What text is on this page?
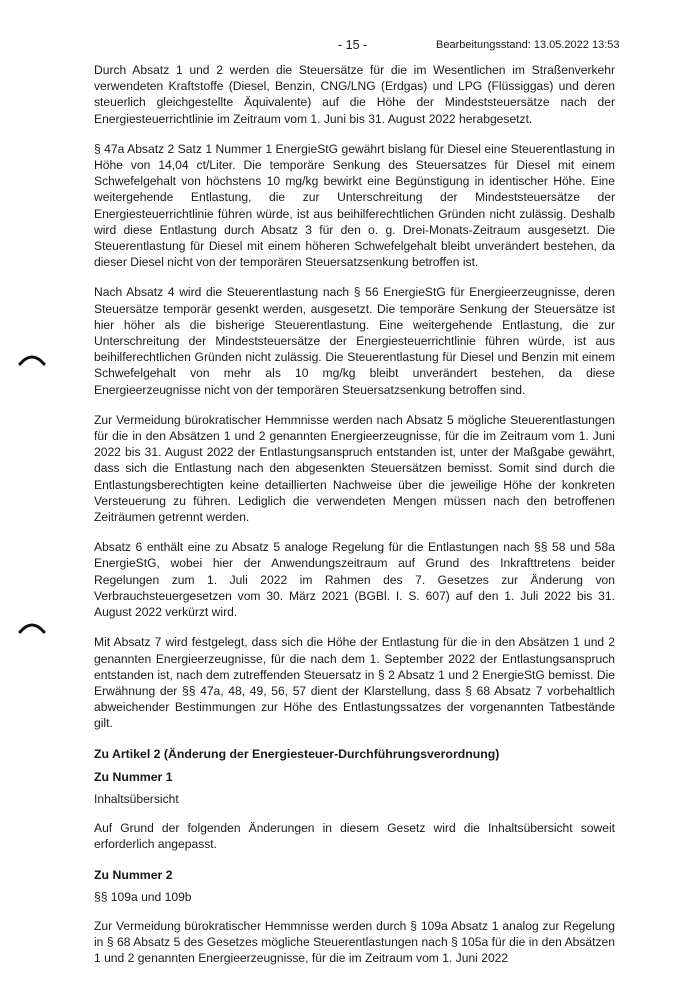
- 15 -	Bearbeitungsstand: 13.05.2022 13:53

Durch Absatz 1 und 2 werden die Steuersätze für die im Wesentlichen im Straßenverkehr verwendeten Kraftstoffe (Diesel, Benzin, CNG/LNG (Erdgas) und LPG (Flüssiggas) und deren steuerlich gleichgestellte Äquivalente) auf die Höhe der Mindeststeuersätze nach der Energiesteuerrichtlinie im Zeitraum vom 1. Juni bis 31. August 2022 herabgesetzt.

§ 47a Absatz 2 Satz 1 Nummer 1 EnergieStG gewährt bislang für Diesel eine Steuerentlastung in Höhe von 14,04 ct/Liter. Die temporäre Senkung des Steuersatzes für Diesel mit einem Schwefelgehalt von höchstens 10 mg/kg bewirkt eine Begünstigung in identischer Höhe. Eine weitergehende Entlastung, die zur Unterschreitung der Mindeststeuersätze der Energiesteuerrichtlinie führen würde, ist aus beihilferechtlichen Gründen nicht zulässig. Deshalb wird diese Entlastung durch Absatz 3 für den o. g. Drei-Monats-Zeitraum ausgesetzt. Die Steuerentlastung für Diesel mit einem höheren Schwefelgehalt bleibt unverändert bestehen, da dieser Diesel nicht von der temporären Steuersatzsenkung betroffen ist.

Nach Absatz 4 wird die Steuerentlastung nach § 56 EnergieStG für Energieerzeugnisse, deren Steuersätze temporär gesenkt werden, ausgesetzt. Die temporäre Senkung der Steuersätze ist hier höher als die bisherige Steuerentlastung. Eine weitergehende Entlastung, die zur Unterschreitung der Mindeststeuersätze der Energiesteuerrichtlinie führen würde, ist aus beihilferechtlichen Gründen nicht zulässig. Die Steuerentlastung für Diesel und Benzin mit einem Schwefelgehalt von mehr als 10 mg/kg bleibt unverändert bestehen, da diese Energieerzeugnisse nicht von der temporären Steuersatzsenkung betroffen sind.

Zur Vermeidung bürokratischer Hemmnisse werden nach Absatz 5 mögliche Steuerentlastungen für die in den Absätzen 1 und 2 genannten Energieerzeugnisse, für die im Zeitraum vom 1. Juni 2022 bis 31. August 2022 der Entlastungsanspruch entstanden ist, unter der Maßgabe gewährt, dass sich die Entlastung nach den abgesenkten Steuersätzen bemisst. Somit sind durch die Entlastungsberechtigten keine detaillierten Nachweise über die jeweilige Höhe der konkreten Versteuerung zu führen. Lediglich die verwendeten Mengen müssen nach den betroffenen Zeiträumen getrennt werden.

Absatz 6 enthält eine zu Absatz 5 analoge Regelung für die Entlastungen nach §§ 58 und 58a EnergieStG, wobei hier der Anwendungszeitraum auf Grund des Inkrafttretens beider Regelungen zum 1. Juli 2022 im Rahmen des 7. Gesetzes zur Änderung von Verbrauchsteuergesetzen vom 30. März 2021 (BGBl. I. S. 607) auf den 1. Juli 2022 bis 31. August 2022 verkürzt wird.

Mit Absatz 7 wird festgelegt, dass sich die Höhe der Entlastung für die in den Absätzen 1 und 2 genannten Energieerzeugnisse, für die nach dem 1. September 2022 der Entlastungsanspruch entstanden ist, nach dem zutreffenden Steuersatz in § 2 Absatz 1 und 2 EnergieStG bemisst. Die Erwähnung der §§ 47a, 48, 49, 56, 57 dient der Klarstellung, dass § 68 Absatz 7 vorbehaltlich abweichender Bestimmungen zur Höhe des Entlastungssatzes der vorgenannten Tatbestände gilt.

Zu Artikel 2 (Änderung der Energiesteuer-Durchführungsverordnung)

Zu Nummer 1

Inhaltsübersicht

Auf Grund der folgenden Änderungen in diesem Gesetz wird die Inhaltsübersicht soweit erforderlich angepasst.

Zu Nummer 2

§§ 109a und 109b

Zur Vermeidung bürokratischer Hemmnisse werden durch § 109a Absatz 1 analog zur Regelung in § 68 Absatz 5 des Gesetzes mögliche Steuerentlastungen nach § 105a für die in den Absätzen 1 und 2 genannten Energieerzeugnisse, für die im Zeitraum vom 1. Juni 2022
